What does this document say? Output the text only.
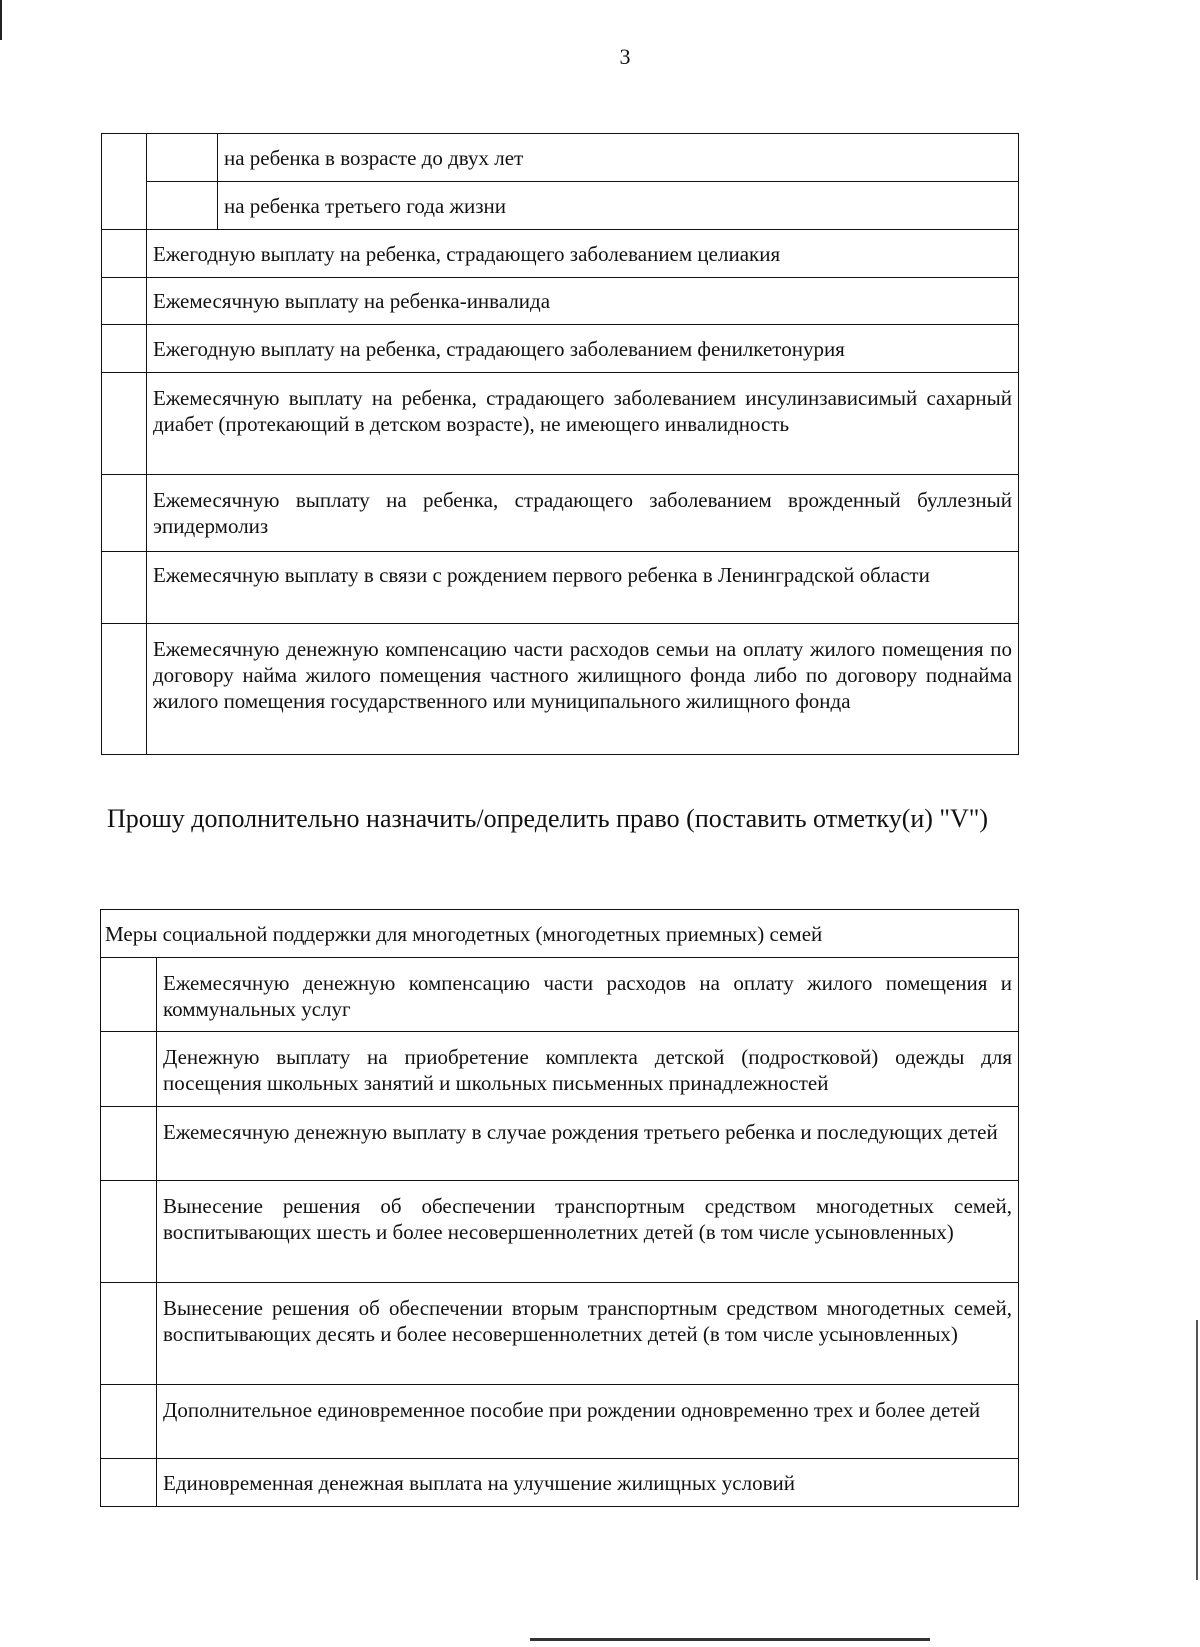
3
		на ребенка в возрасте до двух лет
		на ребенка третьего года жизни
	Ежегодную выплату на ребенка, страдающего заболеванием целиакия	
	Ежемесячную выплату на ребенка-инвалида	
	Ежегодную выплату на ребенка, страдающего заболеванием фенилкетонурия	
	Ежемесячную выплату на ребенка, страдающего заболеванием инсулинзависимый сахарный диабет (протекающий в детском возрасте), не имеющего инвалидность	
	Ежемесячную выплату на ребенка, страдающего заболеванием врожденный буллезный эпидермолиз	
	Ежемесячную выплату в связи с рождением первого ребенка в Ленинградской области	
	Ежемесячную денежную компенсацию части расходов семьи на оплату жилого помещения по договору найма жилого помещения частного жилищного фонда либо по договору поднайма жилого помещения государственного или муниципального жилищного фонда	
Прошу дополнительно назначить/определить право (поставить отметку(и) "V")
Меры социальной поддержки для многодетных (многодетных приемных) семей	
	Ежемесячную денежную компенсацию части расходов на оплату жилого помещения и коммунальных услуг
	Денежную выплату на приобретение комплекта детской (подростковой) одежды для посещения школьных занятий и школьных письменных принадлежностей
	Ежемесячную денежную выплату в случае рождения третьего ребенка и последующих детей
	Вынесение решения об обеспечении транспортным средством многодетных семей, воспитывающих шесть и более несовершеннолетних детей (в том числе усыновленных)
	Вынесение решения об обеспечении вторым транспортным средством многодетных семей, воспитывающих десять и более несовершеннолетних детей (в том числе усыновленных)
	Дополнительное единовременное пособие при рождении одновременно трех и более детей
	Единовременная денежная выплата на улучшение жилищных условий
